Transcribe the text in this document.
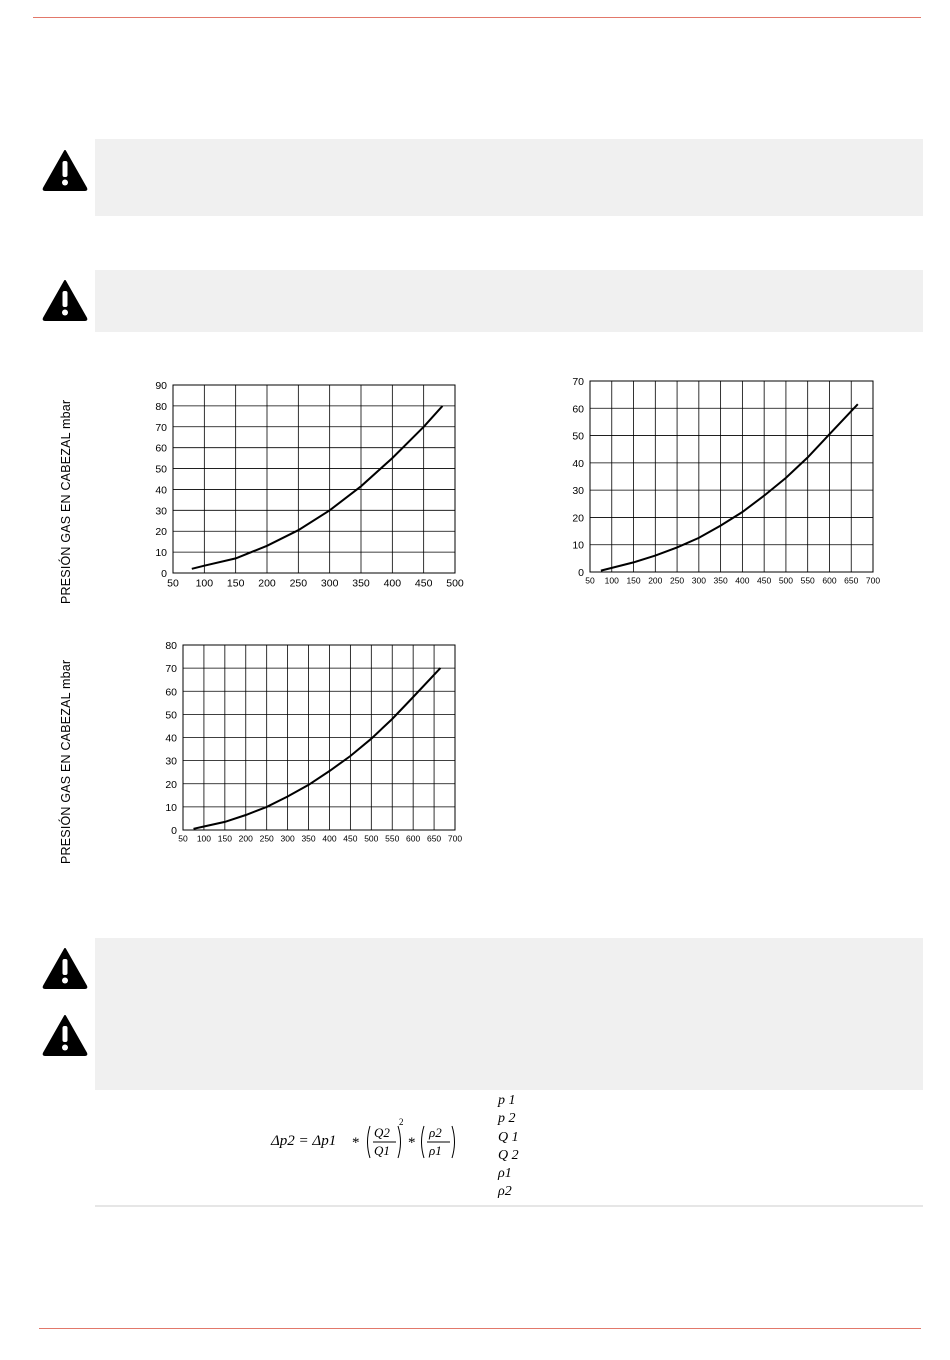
PRESIÓN GAS EN CABEZAL mbar
PRESIÓN GAS EN CABEZAL mbar
50 100 150 200 250 300 350 400 450 500
0
10
20
30
40
50
60
70
80
90
50 100 150 200 250 300 350 400 450 500 550 600 650 700
0
10
20
30
40
50
60
70
50 100 150 200 250 300 350 400 450 500 550 600 650 700
0
10
20
30
40
50
60
70
80
Δp2 = Δp1 *
Q2
Q1
2
*
ρ2
ρ1
p 1
p 2
Q 1
Q 2
ρ1
ρ2
